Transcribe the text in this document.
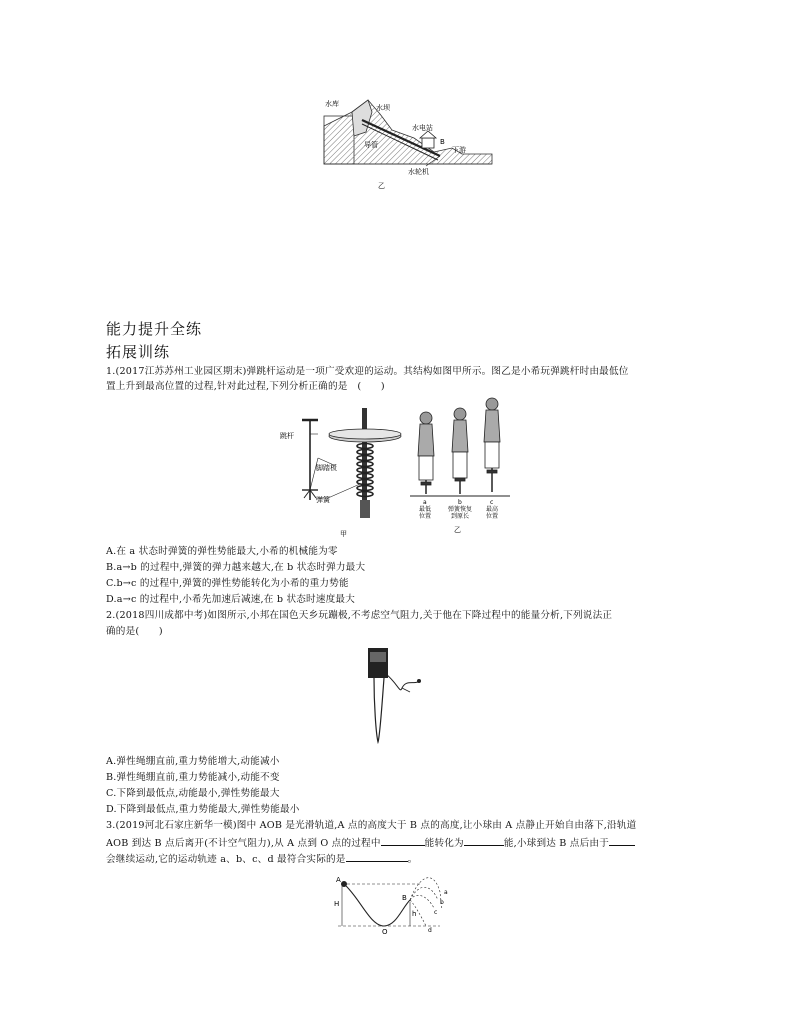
水库	水坝
水电站
导管	B
下游
水轮机
乙
能力提升全练
拓展训练
1.(2017江苏苏州工业园区期末)弹跳杆运动是一项广受欢迎的运动。其结构如图甲所示。图乙是小希玩弹跳杆时由最低位
置上升到最高位置的过程,针对此过程,下列分析正确的是　(　　)
跳杆
脚踏板
弹簧
甲
a
最低
位置
b
弹簧恢复
到原长
c
最高
位置
乙
A.在 a 状态时弹簧的弹性势能最大,小希的机械能为零
B.a→b 的过程中,弹簧的弹力越来越大,在 b 状态时弹力最大
C.b→c 的过程中,弹簧的弹性势能转化为小希的重力势能
D.a→c 的过程中,小希先加速后减速,在 b 状态时速度最大
2.(2018四川成都中考)如图所示,小邦在国色天乡玩蹦极,不考虑空气阻力,关于他在下降过程中的能量分析,下列说法正
确的是(　　)
A.弹性绳绷直前,重力势能增大,动能减小
B.弹性绳绷直前,重力势能减小,动能不变
C.下降到最低点,动能最小,弹性势能最大
D.下降到最低点,重力势能最大,弹性势能最小
3.(2019河北石家庄新华一模)图中 AOB 是光滑轨道,A 点的高度大于 B 点的高度,让小球由 A 点静止开始自由落下,沿轨道
AOB 到达 B 点后离开(不计空气阻力),从 A 点到 O 点的过程中	能转化为	能,小球到达 B 点后由于
会继续运动,它的运动轨迹 a、b、c、d 最符合实际的是	。
A
H
B
h
O
a
b
c
d
